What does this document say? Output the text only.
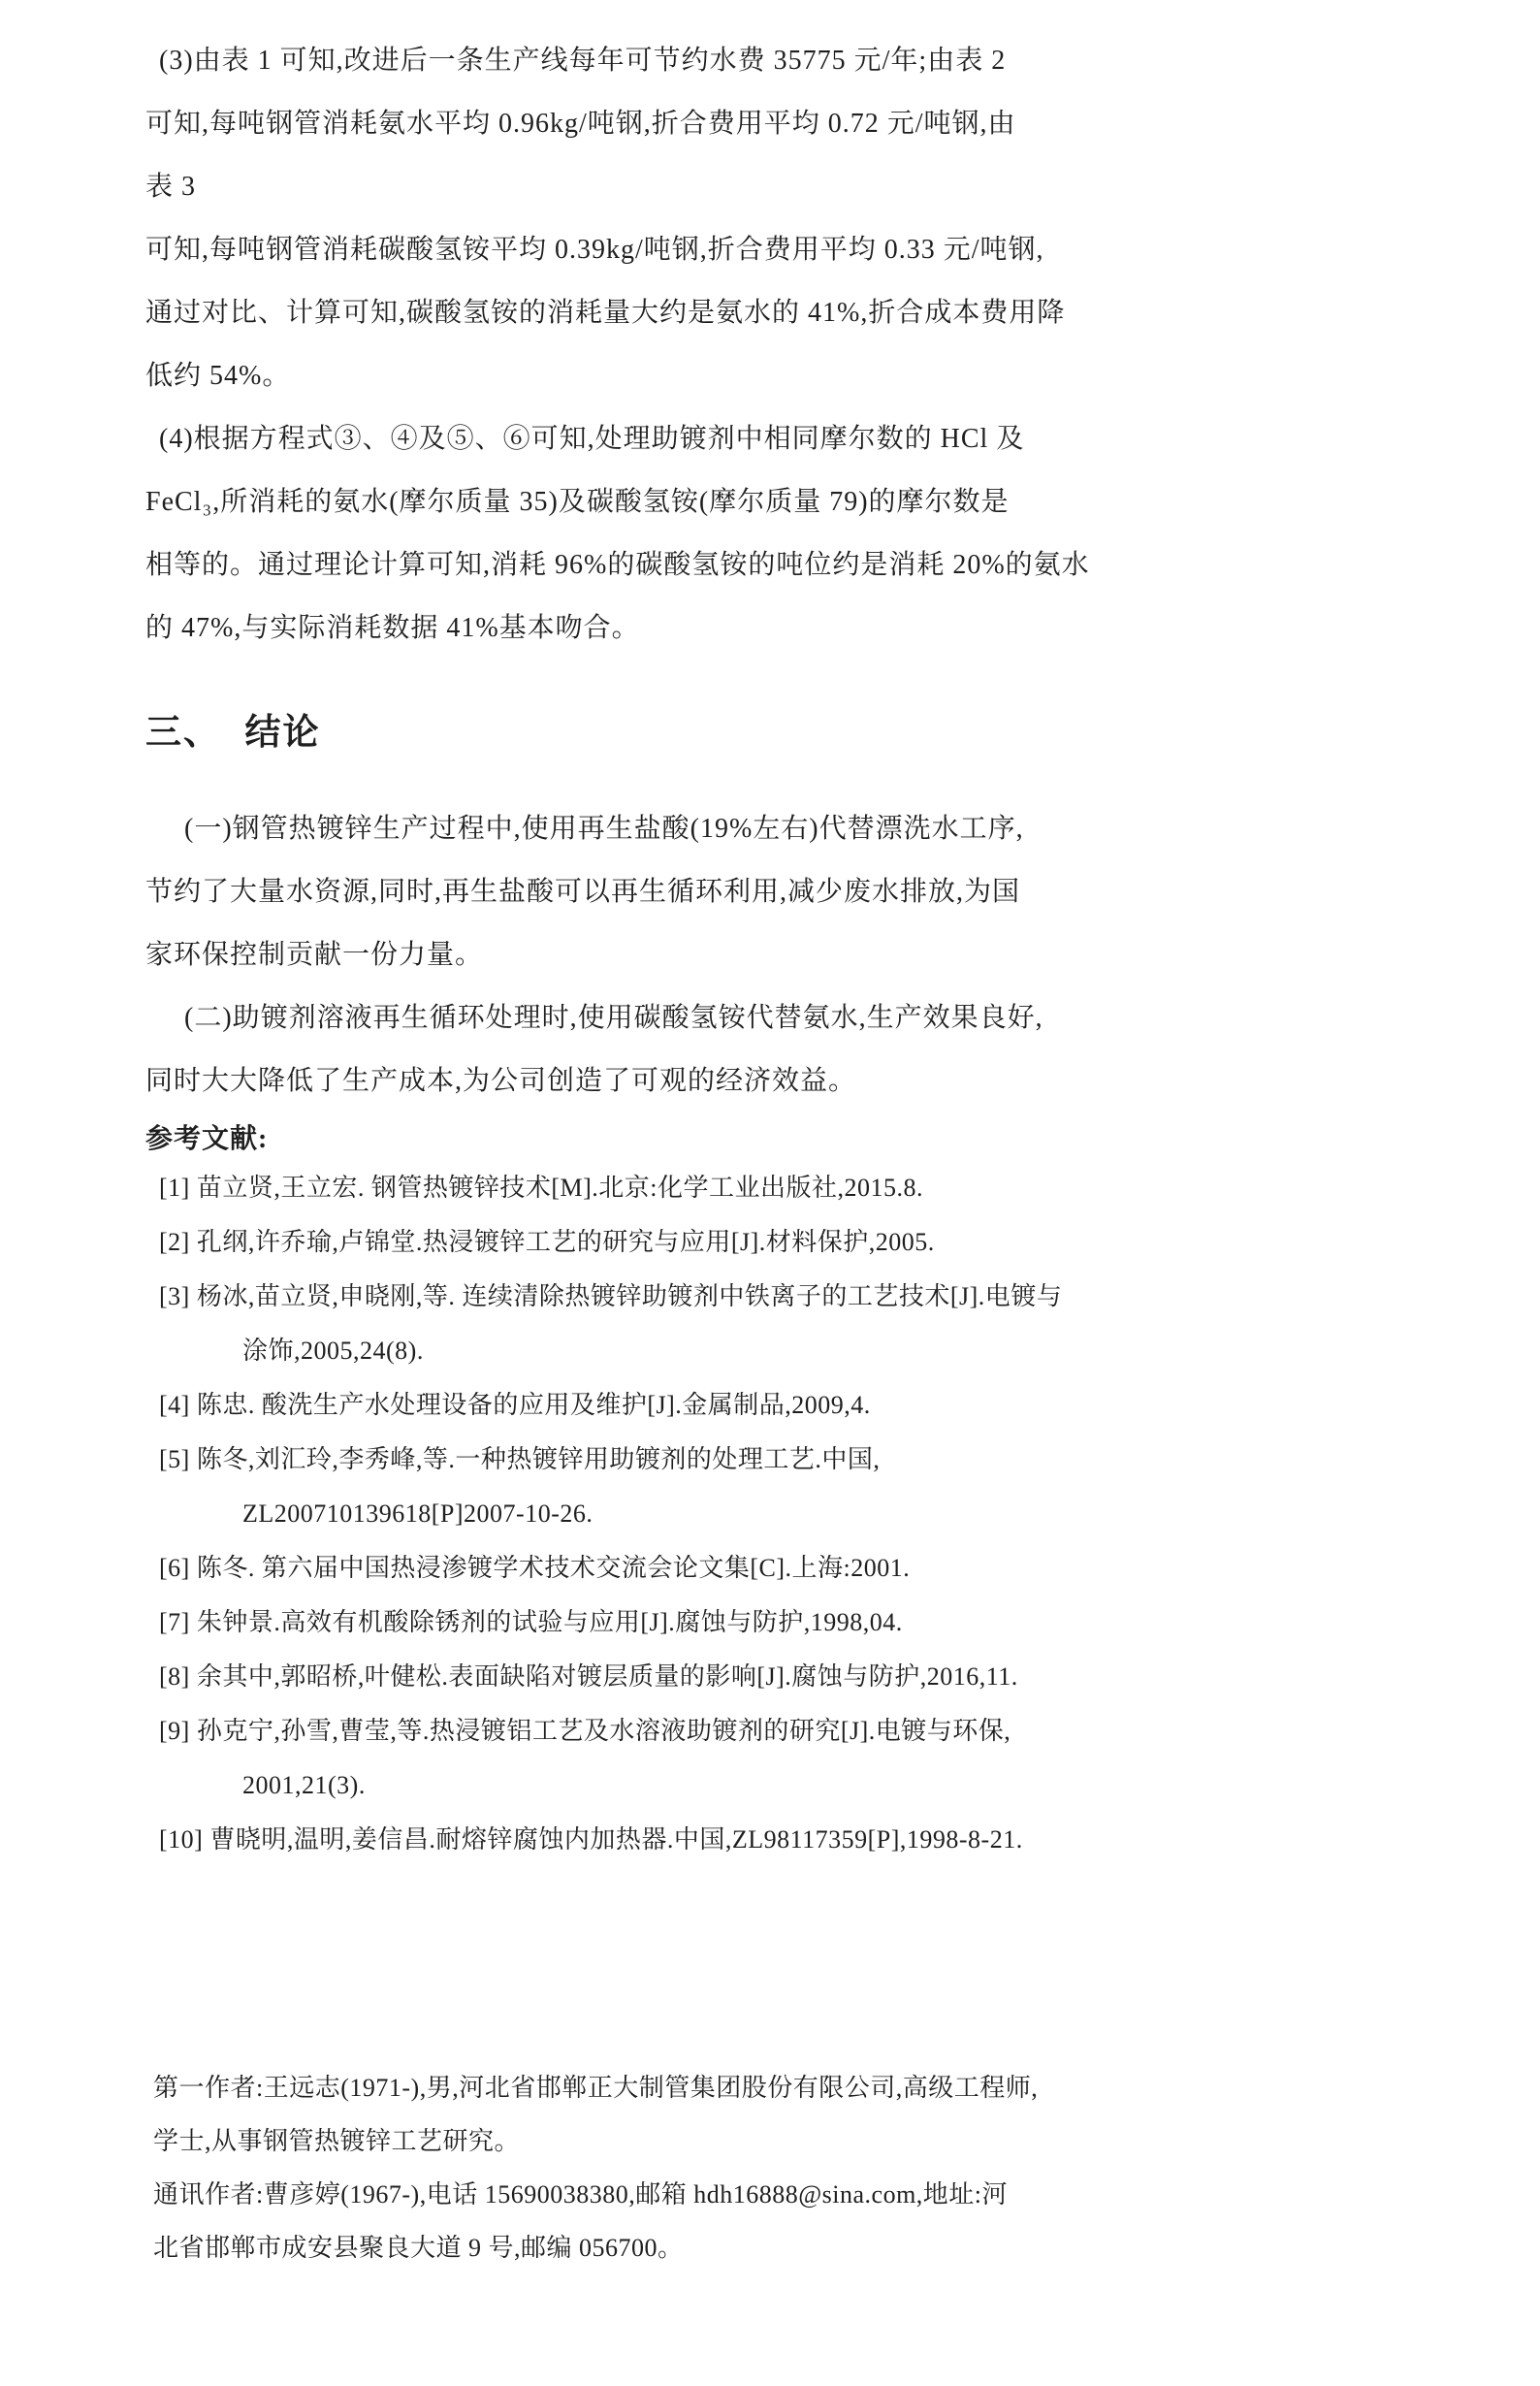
(3)由表 1 可知,改进后一条生产线每年可节约水费 35775 元/年;由表 2
可知,每吨钢管消耗氨水平均 0.96kg/吨钢,折合费用平均 0.72 元/吨钢,由
表 3
可知,每吨钢管消耗碳酸氢铵平均 0.39kg/吨钢,折合费用平均 0.33 元/吨钢,
通过对比、计算可知,碳酸氢铵的消耗量大约是氨水的 41%,折合成本费用降
低约 54%。
(4)根据方程式③、④及⑤、⑥可知,处理助镀剂中相同摩尔数的 HCl 及
FeCl₃,所消耗的氨水(摩尔质量 35)及碳酸氢铵(摩尔质量 79)的摩尔数是
相等的。通过理论计算可知,消耗 96%的碳酸氢铵的吨位约是消耗 20%的氨水
的 47%,与实际消耗数据 41%基本吻合。
三、  结论
(一)钢管热镀锌生产过程中,使用再生盐酸(19%左右)代替漂洗水工序,
节约了大量水资源,同时,再生盐酸可以再生循环利用,减少废水排放,为国
家环保控制贡献一份力量。
(二)助镀剂溶液再生循环处理时,使用碳酸氢铵代替氨水,生产效果良好,
同时大大降低了生产成本,为公司创造了可观的经济效益。
参考文献:
[1] 苗立贤,王立宏. 钢管热镀锌技术[M].北京:化学工业出版社,2015.8.
[2] 孔纲,许乔瑜,卢锦堂.热浸镀锌工艺的研究与应用[J].材料保护,2005.
[3] 杨冰,苗立贤,申晓刚,等. 连续清除热镀锌助镀剂中铁离子的工艺技术[J].电镀与
涂饰,2005,24(8).
[4] 陈忠. 酸洗生产水处理设备的应用及维护[J].金属制品,2009,4.
[5] 陈冬,刘汇玲,李秀峰,等.一种热镀锌用助镀剂的处理工艺.中国,
ZL200710139618[P]2007-10-26.
[6] 陈冬. 第六届中国热浸渗镀学术技术交流会论文集[C].上海:2001.
[7] 朱钟景.高效有机酸除锈剂的试验与应用[J].腐蚀与防护,1998,04.
[8] 余其中,郭昭桥,叶健松.表面缺陷对镀层质量的影响[J].腐蚀与防护,2016,11.
[9] 孙克宁,孙雪,曹莹,等.热浸镀铝工艺及水溶液助镀剂的研究[J].电镀与环保,
2001,21(3).
[10] 曹晓明,温明,姜信昌.耐熔锌腐蚀内加热器.中国,ZL98117359[P],1998-8-21.
第一作者:王远志(1971-),男,河北省邯郸正大制管集团股份有限公司,高级工程师,
学士,从事钢管热镀锌工艺研究。
通讯作者:曹彦婷(1967-),电话 15690038380,邮箱 hdh16888@sina.com,地址:河
北省邯郸市成安县聚良大道 9 号,邮编 056700。
